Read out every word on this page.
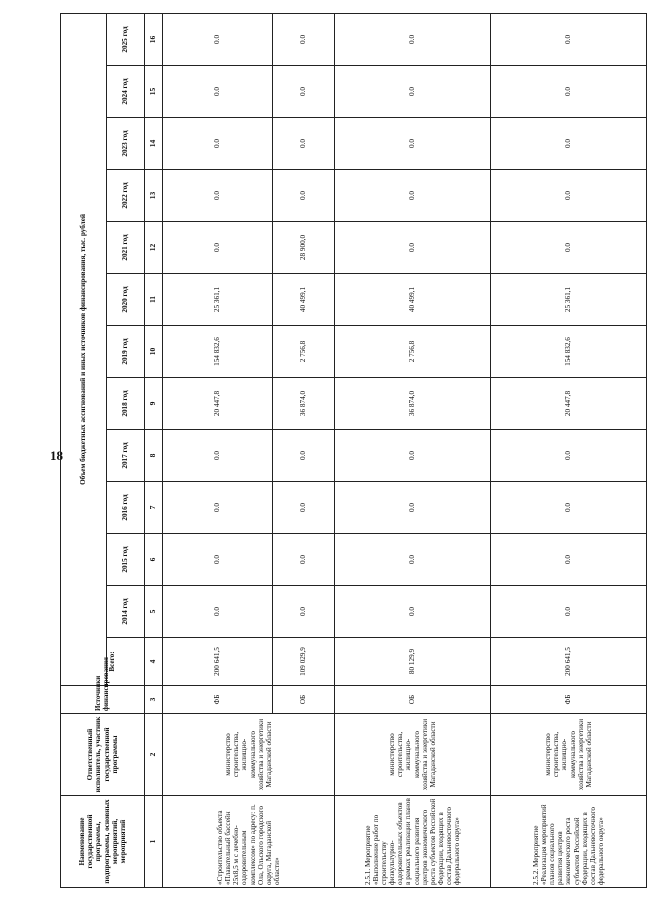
18
Наименование государственной программы, подпрограммы, основных мероприятий, мероприятий	Ответственный исполнитель, участник государственной программы	Источники финансирования	Объем бюджетных ассигнований и иных источников финансирования, тыс. рублей												
			Всего:	2014 год	2015 год	2016 год	2017 год	2018 год	2019 год	2020 год	2021 год	2022 год	2023 год	2024 год	2025 год
1	2	3	4	5	6	7	8	9	10	11	12	13	14	15	16
«Строительство объекта «Плавательный бассейн 25x8,5 м с лечебно-оздоровительным комплексом» по адресу: п. Ола, Ольского городского округа, Магаданской области»	министерство строительства, жилищно-коммунального хозяйства и энергетики Магаданской области	ФБ	200 641,5	0.0	0.0	0.0	0.0	20 447,8	154 832,6	25 361,1	0.0	0.0	0.0	0.0	0.0
		ОБ	109 029,9	0.0	0.0	0.0	0.0	36 874,0	2 756,8	40 499,1	28 900,0	0.0	0.0	0.0	0.0
2.5.1. Мероприятие «Выполнение работ по строительству физкультурно-оздоровительных объектов в рамках реализации планов социального развития центров экономического роста субъектов Российской Федерации, входящих в состав Дальневосточного федерального округа»	министерство строительства, жилищно-коммунального хозяйства и энергетики Магаданской области	ОБ	80 129,9	0.0	0.0	0.0	0.0	36 874,0	2 756,8	40 499,1	0.0	0.0	0.0	0.0	0.0
2.5.2. Мероприятие «Реализация мероприятий планов социального развития центров экономического роста субъектов Российской Федерации, входящих в состав Дальневосточного федерального округа»	министерство строительства, жилищно-коммунального хозяйства и энергетики Магаданской области	ФБ	200 641,5	0.0	0.0	0.0	0.0	20 447,8	154 832,6	25 361,1	0.0	0.0	0.0	0.0	0.0
